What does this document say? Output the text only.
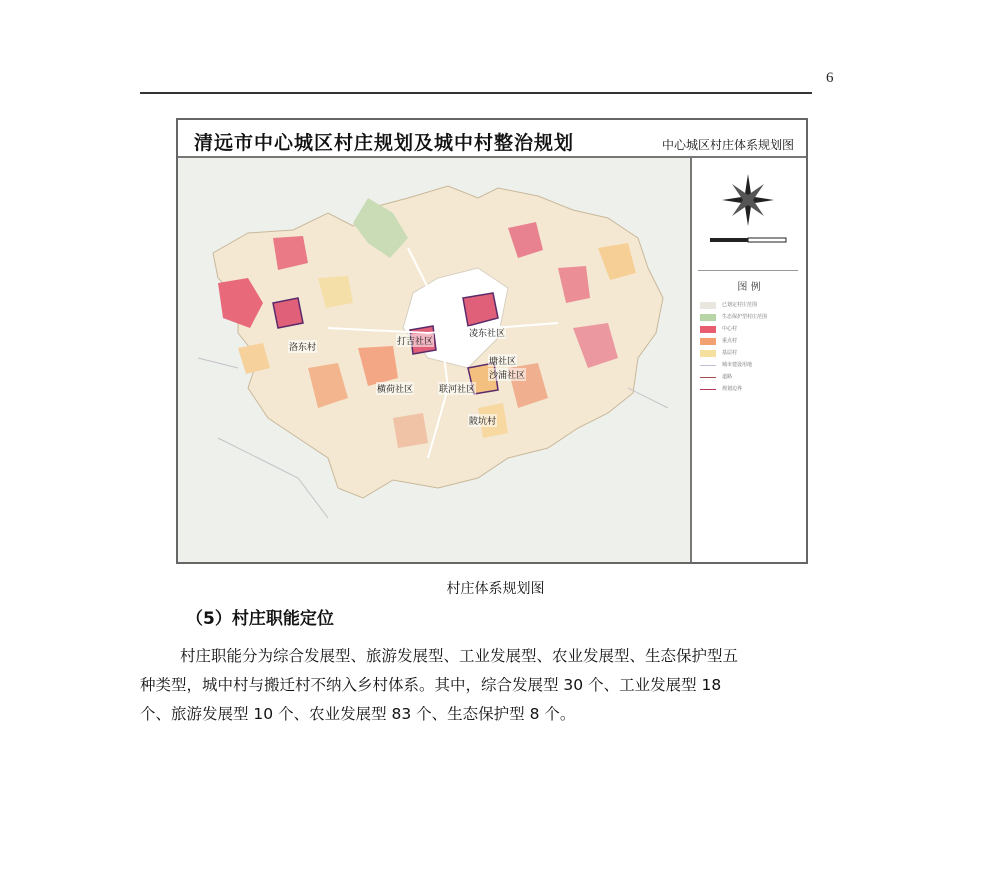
6
清远市中心城区村庄规划及城中村整治规划	中心城区村庄体系规划图
洛东村
打吉社区
塘社区
横荷社区	联河社区
凌东社区
沙浦社区
陂坑村
图 例
已划定村庄范围
生态保护型村庄范围
中心村
重点村
基层村
城市建设用地
道路
规划边界
村庄体系规划图
（5）村庄职能定位
村庄职能分为综合发展型、旅游发展型、工业发展型、农业发展型、生态保护型五
种类型，城中村与搬迁村不纳入乡村体系。其中，综合发展型 30 个、工业发展型 18
个、旅游发展型 10 个、农业发展型 83 个、生态保护型 8 个。
